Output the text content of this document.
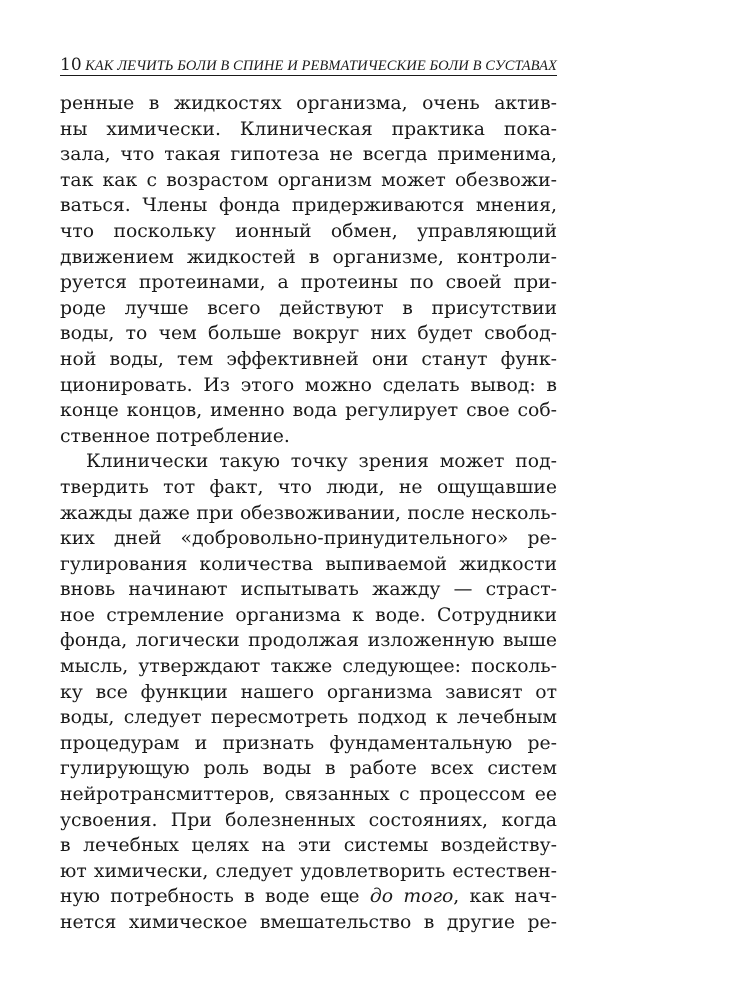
10 КАК ЛЕЧИТЬ БОЛИ В СПИНЕ И РЕВМАТИЧЕСКИЕ БОЛИ В СУСТАВАХ
ренные в жидкостях организма, очень актив-
ны химически. Клиническая практика пока-
зала, что такая гипотеза не всегда применима,
так как с возрастом организм может обезвожи-
ваться. Члены фонда придерживаются мнения,
что поскольку ионный обмен, управляющий
движением жидкостей в организме, контроли-
руется протеинами, а протеины по своей при-
роде лучше всего действуют в присутствии
воды, то чем больше вокруг них будет свобод-
ной воды, тем эффективней они станут функ-
ционировать. Из этого можно сделать вывод: в
конце концов, именно вода регулирует свое соб-
ственное потребление.
Клинически такую точку зрения может под-
твердить тот факт, что люди, не ощущавшие
жажды даже при обезвоживании, после несколь-
ких дней «добровольно-принудительного» ре-
гулирования количества выпиваемой жидкости
вновь начинают испытывать жажду — страст-
ное стремление организма к воде. Сотрудники
фонда, логически продолжая изложенную выше
мысль, утверждают также следующее: посколь-
ку все функции нашего организма зависят от
воды, следует пересмотреть подход к лечебным
процедурам и признать фундаментальную ре-
гулирующую роль воды в работе всех систем
нейротрансмиттеров, связанных с процессом ее
усвоения. При болезненных состояниях, когда
в лечебных целях на эти системы воздейству-
ют химически, следует удовлетворить естествен-
ную потребность в воде еще до того, как нач-
нется химическое вмешательство в другие ре-
